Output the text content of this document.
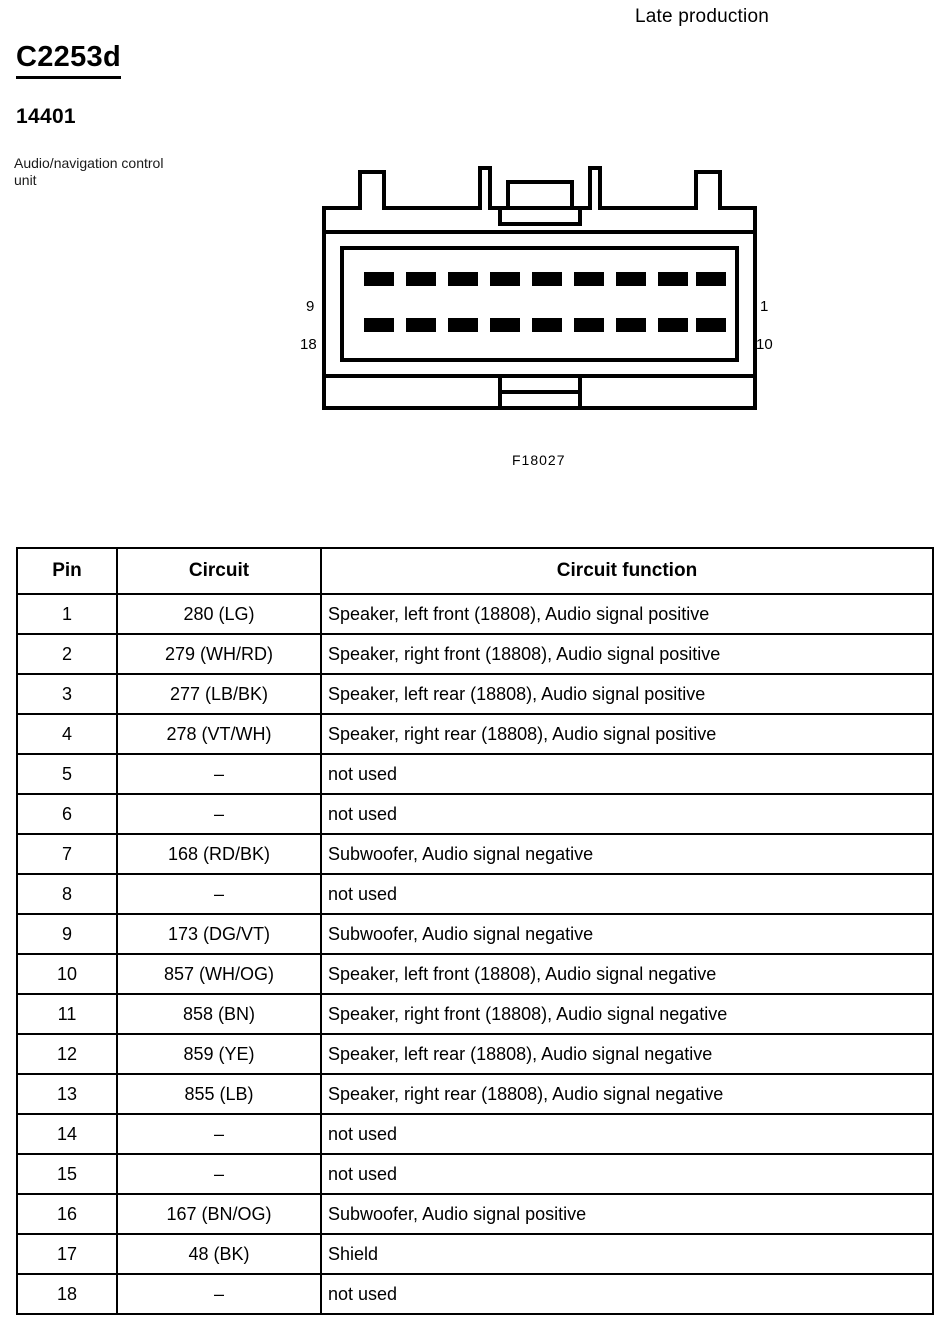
Late production
C2253d
14401
Audio/navigation control unit
9
18
1
10
F18027
Pin	Circuit	Circuit function
1	280 (LG)	Speaker, left front (18808), Audio signal positive
2	279 (WH/RD)	Speaker, right front (18808), Audio signal positive
3	277 (LB/BK)	Speaker, left rear (18808), Audio signal positive
4	278 (VT/WH)	Speaker, right rear (18808), Audio signal positive
5	–	not used
6	–	not used
7	168 (RD/BK)	Subwoofer, Audio signal negative
8	–	not used
9	173 (DG/VT)	Subwoofer, Audio signal negative
10	857 (WH/OG)	Speaker, left front (18808), Audio signal negative
11	858 (BN)	Speaker, right front (18808), Audio signal negative
12	859 (YE)	Speaker, left rear (18808), Audio signal negative
13	855 (LB)	Speaker, right rear (18808), Audio signal negative
14	–	not used
15	–	not used
16	167 (BN/OG)	Subwoofer, Audio signal positive
17	48 (BK)	Shield
18	–	not used
